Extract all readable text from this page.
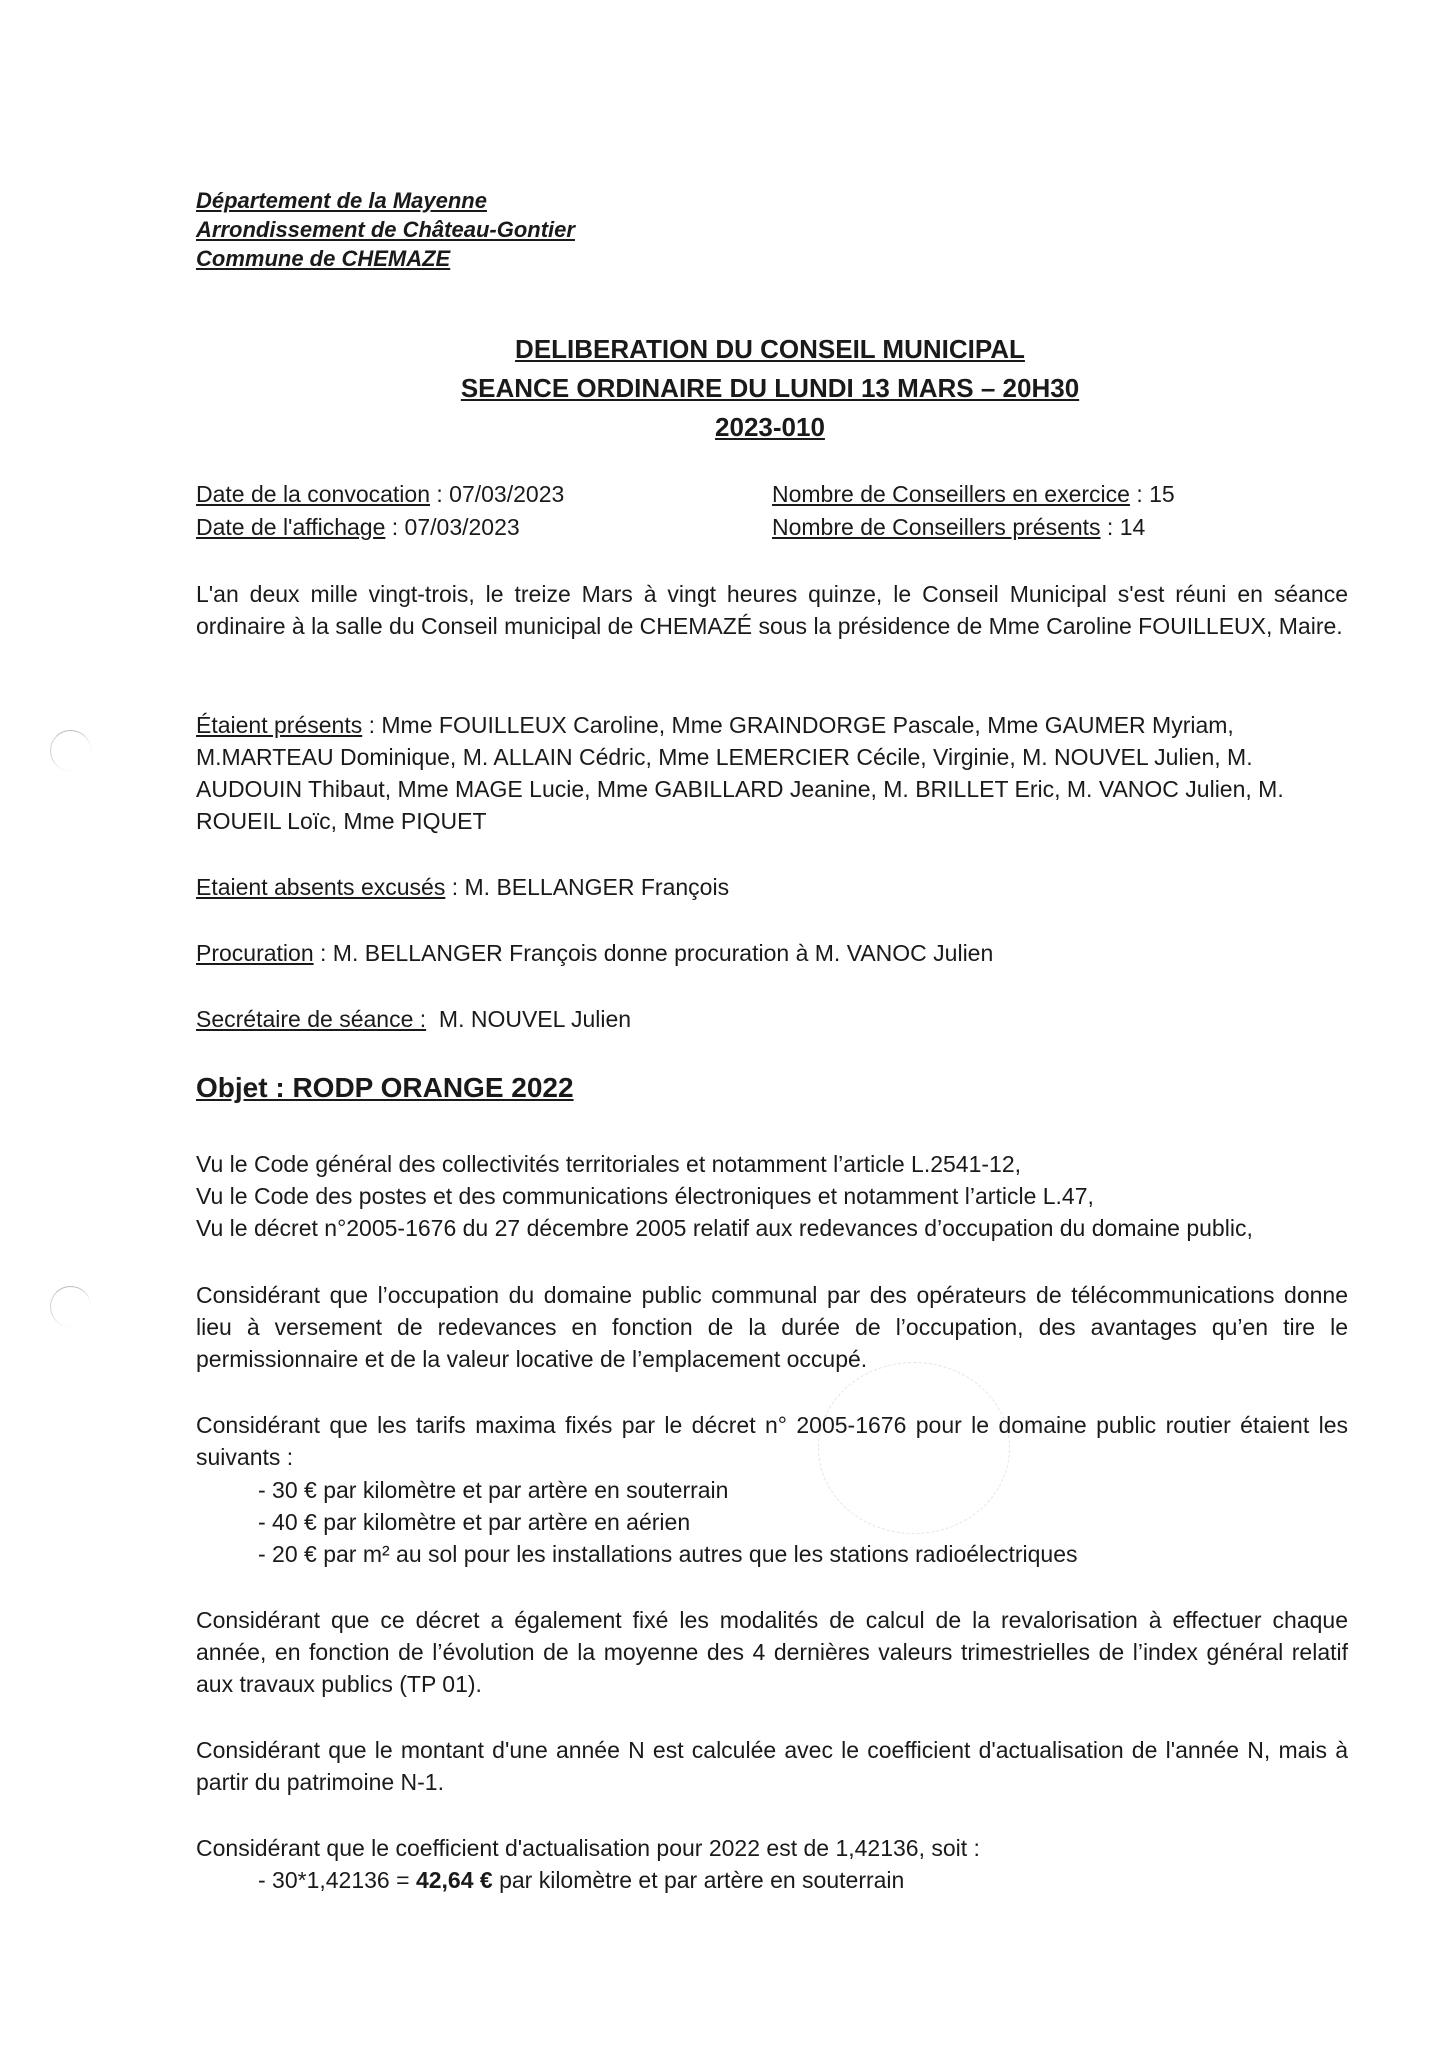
Département de la Mayenne
Arrondissement de Château-Gontier
Commune de CHEMAZE
DELIBERATION DU CONSEIL MUNICIPAL
SEANCE ORDINAIRE DU LUNDI 13 MARS – 20H30
2023-010
Date de la convocation : 07/03/2023
Date de l'affichage : 07/03/2023
Nombre de Conseillers en exercice : 15
Nombre de Conseillers présents : 14
L'an deux mille vingt-trois, le treize Mars à vingt heures quinze, le Conseil Municipal s'est réuni en séance ordinaire à la salle du Conseil municipal de CHEMAZÉ sous la présidence de Mme Caroline FOUILLEUX, Maire.
Étaient présents : Mme FOUILLEUX Caroline, Mme GRAINDORGE Pascale, Mme GAUMER Myriam, M.MARTEAU Dominique, M. ALLAIN Cédric, Mme LEMERCIER Cécile, Virginie, M. NOUVEL Julien, M. AUDOUIN Thibaut, Mme MAGE Lucie, Mme GABILLARD Jeanine, M. BRILLET Eric, M. VANOC Julien, M. ROUEIL Loïc, Mme PIQUET
Etaient absents excusés : M. BELLANGER François
Procuration : M. BELLANGER François donne procuration à M. VANOC Julien
Secrétaire de séance :  M. NOUVEL Julien
Objet : RODP ORANGE 2022
Vu le Code général des collectivités territoriales et notamment l’article L.2541-12,
Vu le Code des postes et des communications électroniques et notamment l’article L.47,
Vu le décret n°2005-1676 du 27 décembre 2005 relatif aux redevances d’occupation du domaine public,
Considérant que l’occupation du domaine public communal par des opérateurs de télécommunications donne lieu à versement de redevances en fonction de la durée de l’occupation, des avantages qu’en tire le permissionnaire et de la valeur locative de l’emplacement occupé.
Considérant que les tarifs maxima fixés par le décret n° 2005-1676 pour le domaine public routier étaient les suivants :
- 30 € par kilomètre et par artère en souterrain
- 40 € par kilomètre et par artère en aérien
- 20 € par m² au sol pour les installations autres que les stations radioélectriques
Considérant que ce décret a également fixé les modalités de calcul de la revalorisation à effectuer chaque année, en fonction de l’évolution de la moyenne des 4 dernières valeurs trimestrielles de l’index général relatif aux travaux publics (TP 01).
Considérant que le montant d'une année N est calculée avec le coefficient d'actualisation de l'année N, mais à partir du patrimoine N-1.
Considérant que le coefficient d'actualisation pour 2022 est de 1,42136, soit :
- 30*1,42136 = 42,64 € par kilomètre et par artère en souterrain
